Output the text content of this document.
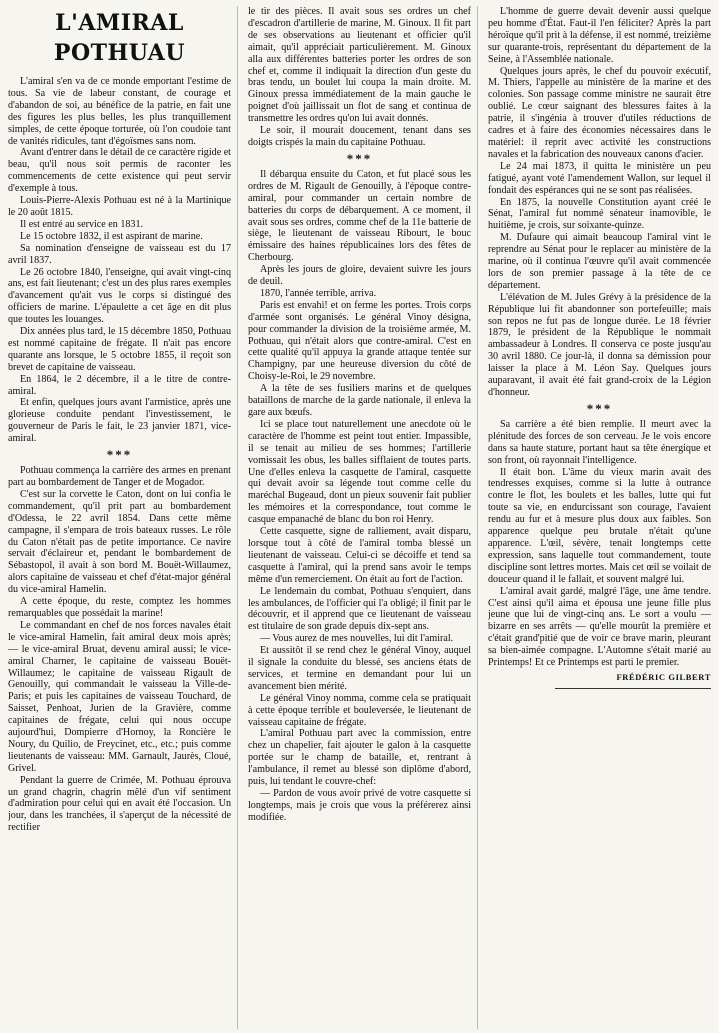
L'AMIRAL POTHUAU

L'amiral s'en va de ce monde emportant l'estime de tous. Sa vie de labeur constant, de courage et d'abandon de soi, au bénéfice de la patrie, en fait une des figures les plus belles, les plus tranquillement simples, de cette époque torturée, où l'on coudoie tant de vanités ridicules, tant d'égoïsmes sans nom.

Avant d'entrer dans le détail de ce caractère rigide et beau, qu'il nous soit permis de raconter les commencements de cette existence qui peut servir d'exemple à tous.

Louis-Pierre-Alexis Pothuau est né à la Martinique le 20 août 1815.

Il est entré au service en 1831.

Le 15 octobre 1832, il est aspirant de marine.

Sa nomination d'enseigne de vaisseau est du 17 avril 1837.

Le 26 octobre 1840, l'enseigne, qui avait vingt-cinq ans, est fait lieutenant; c'est un des plus rares exemples d'avancement qu'ait vus le corps si distingué des officiers de marine. L'épaulette a cet âge en dit plus que toutes les louanges.

Dix années plus tard, le 15 décembre 1850, Pothuau est nommé capitaine de frégate. Il n'ait pas encore quarante ans lorsque, le 5 octobre 1855, il reçoit son brevet de capitaine de vaisseau.

En 1864, le 2 décembre, il a le titre de contre-amiral.

Et enfin, quelques jours avant l'armistice, après une glorieuse conduite pendant l'investissement, le gouverneur de Paris le fait, le 23 janvier 1871, vice-amiral.

***

Pothuau commença la carrière des armes en prenant part au bombardement de Tanger et de Mogador.

C'est sur la corvette le Caton, dont on lui confia le commandement, qu'il prit part au bombardement d'Odessa, le 22 avril 1854. Dans cette même campagne, il s'empara de trois bateaux russes. Le rôle du Caton n'était pas de petite importance. Ce navire servait d'éclaireur et, pendant le bombardement de Sébastopol, il avait à son bord M. Bouët-Willaumez, alors capitaine de vaisseau et chef d'état-major général du vice-amiral Hamelin.

A cette époque, du reste, comptez les hommes remarquables que possédait la marine!

Le commandant en chef de nos forces navales était le vice-amiral Hamelin, fait amiral deux mois après; — le vice-amiral Bruat, devenu amiral aussi; le vice-amiral Charner, le capitaine de vaisseau Bouët-Willaumez; le capitaine de vaisseau Rigault de Genouilly, qui commandait le vaisseau la Ville-de-Paris; et puis les capitaines de vaisseau Touchard, de Saisset, Penhoat, Jurien de la Gravière, comme capitaines de frégate, celui qui nous occupe aujourd'hui, Dompierre d'Hornoy, la Roncière le Noury, du Quilio, de Freycinet, etc., etc.; puis comme lieutenants de vaisseau: MM. Garnault, Jaurès, Cloué, Grivel.

Pendant la guerre de Crimée, M. Pothuau éprouva un grand chagrin, chagrin mêlé d'un vif sentiment d'admiration pour celui qui en avait été l'occasion. Un jour, dans les tranchées, il s'aperçut de la nécessité de rectifier

le tir des pièces. Il avait sous ses ordres un chef d'escadron d'artillerie de marine, M. Ginoux. Il fit part de ses observations au lieutenant et officier qu'il aimait, qu'il appréciait particulièrement. M. Ginoux alla aux différentes batteries porter les ordres de son chef et, comme il indiquait la direction d'un geste du bras tendu, un boulet lui coupa la main droite. M. Ginoux pressa immédiatement de la main gauche le poignet d'où jaillissait un flot de sang et continua de transmettre les ordres qu'on lui avait donnés.

Le soir, il mourait doucement, tenant dans ses doigts crispés la main du capitaine Pothuau.

***

Il débarqua ensuite du Caton, et fut placé sous les ordres de M. Rigault de Genouilly, à l'époque contre-amiral, pour commander un certain nombre de batteries du corps de débarquement. A ce moment, il avait sous ses ordres, comme chef de la 11e batterie de siège, le lieutenant de vaisseau Ribourt, le bouc émissaire des haines républicaines lors des fêtes de Cherbourg.

Après les jours de gloire, devaient suivre les jours de deuil.

1870, l'année terrible, arriva.

Paris est envahi! et on ferme les portes. Trois corps d'armée sont organisés. Le général Vinoy désigna, pour commander la division de la troisième armée, M. Pothuau, qui n'était alors que contre-amiral. C'est en cette qualité qu'il appuya la grande attaque tentée sur Champigny, par une heureuse diversion du côté de Choisy-le-Roi, le 29 novembre.

A la tête de ses fusiliers marins et de quelques bataillons de marche de la garde nationale, il enleva la gare aux bœufs.

Ici se place tout naturellement une anecdote où le caractère de l'homme est peint tout entier. Impassible, il se tenait au milieu de ses hommes; l'artillerie vomissait les obus, les balles sifflaient de toutes parts. Une d'elles enleva la casquette de l'amiral, casquette qui devait avoir sa légende tout comme celle du maréchal Bugeaud, dont un pieux souvenir fait publier les mémoires et la correspondance, tout comme le casque empanaché de blanc du bon roi Henry.

Cette casquette, signe de ralliement, avait disparu, lorsque tout à côté de l'amiral tomba blessé un lieutenant de vaisseau. Celui-ci se décoiffe et tend sa casquette à l'amiral, qui la prend sans avoir le temps même d'un remerciement. On était au fort de l'action.

Le lendemain du combat, Pothuau s'enquiert, dans les ambulances, de l'officier qui l'a obligé; il finit par le découvrir, et il apprend que ce lieutenant de vaisseau est titulaire de son grade depuis dix-sept ans.

— Vous aurez de mes nouvelles, lui dit l'amiral.

Et aussitôt il se rend chez le général Vinoy, auquel il signale la conduite du blessé, ses anciens états de services, et termine en demandant pour lui un avancement bien mérité.

Le général Vinoy nomma, comme cela se pratiquait à cette époque terrible et bouleversée, le lieutenant de vaisseau capitaine de frégate.

L'amiral Pothuau part avec la commission, entre chez un chapelier, fait ajouter le galon à la casquette portée sur le champ de bataille, et, rentrant à l'ambulance, il remet au blessé son diplôme d'abord, puis, lui tendant le couvre-chef:

— Pardon de vous avoir privé de votre casquette si longtemps, mais je crois que vous la préférerez ainsi modifiée.

L'homme de guerre devait devenir aussi quelque peu homme d'État. Faut-il l'en féliciter? Après la part héroïque qu'il prit à la défense, il est nommé, treizième sur quarante-trois, représentant du département de la Seine, à l'Assemblée nationale.

Quelques jours après, le chef du pouvoir exécutif, M. Thiers, l'appelle au ministère de la marine et des colonies. Son passage comme ministre ne saurait être oublié. Le cœur saignant des blessures faites à la patrie, il s'ingénia à trouver d'utiles réductions de cadres et à faire des économies nécessaires dans le matériel: il reprit avec activité les constructions navales et la fabrication des nouveaux canons d'acier.

Le 24 mai 1873, il quitta le ministère un peu fatigué, ayant voté l'amendement Wallon, sur lequel il fondait des espérances qui ne se sont pas réalisées.

En 1875, la nouvelle Constitution ayant créé le Sénat, l'amiral fut nommé sénateur inamovible, le huitième, je crois, sur soixante-quinze.

M. Dufaure qui aimait beaucoup l'amiral vint le reprendre au Sénat pour le replacer au ministère de la marine, où il continua l'œuvre qu'il avait commencée lors de son premier passage à la tête de ce département.

L'élévation de M. Jules Grévy à la présidence de la République lui fit abandonner son portefeuille; mais son repos ne fut pas de longue durée. Le 18 février 1879, le président de la République le nommait ambassadeur à Londres. Il conserva ce poste jusqu'au 30 avril 1880. Ce jour-là, il donna sa démission pour laisser la place à M. Léon Say. Quelques jours auparavant, il avait été fait grand-croix de la Légion d'honneur.

***

Sa carrière a été bien remplie. Il meurt avec la plénitude des forces de son cerveau. Je le vois encore dans sa haute stature, portant haut sa tête énergique et son front, où rayonnait l'intelligence.

Il était bon. L'âme du vieux marin avait des tendresses exquises, comme si la lutte à outrance contre le flot, les boulets et les balles, lutte qui fut toute sa vie, en endurcissant son courage, l'avaient rendu au fur et à mesure plus doux aux faibles. Son apparence quelque peu brutale n'était qu'une apparence. L'œil, sévère, tenait longtemps cette expression, sans laquelle tout commandement, toute discipline sont lettres mortes. Mais cet œil se voilait de douceur quand il le fallait, et souvent malgré lui.

L'amiral avait gardé, malgré l'âge, une âme tendre. C'est ainsi qu'il aima et épousa une jeune fille plus jeune que lui de vingt-cinq ans. Le sort a voulu — bizarre en ses arrêts — qu'elle mourût la première et c'était grand'pitié que de voir ce brave marin, pleurant sa bien-aimée compagne. L'Automne s'était marié au Printemps! Et ce Printemps est parti le premier.

FRÉDÉRIC GILBERT
